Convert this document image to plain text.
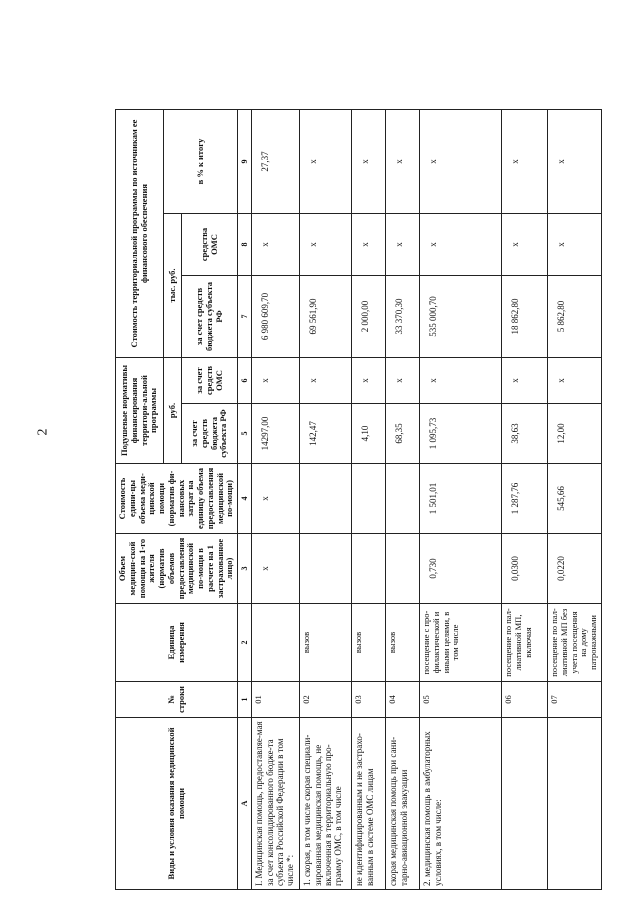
2
Виды и условия оказания медицинской помощи	№ строки	Единица измерения	Объем медицин-ской помощи на 1-го жителя (норматив объемов предоставления медицинской по-мощи в расчете на 1 застрахованное лицо)	Стоимость едини-цы объема меди-цинской помощи (норматив фи-нансовых затрат на единицу объема предоставления медицинской по-мощи)	Подушевые нормативы финансирования территори-альной программы		Стоимость территориальной программы по источникам ее финансового обеспечения		
					руб.		тыс. руб.		в % к итогу
					за счет средств бюджета субъекта РФ	за счет средств ОМС	за счет средств бюджета субъекта РФ	средства ОМС	
А	1	2	3	4	5	6	7	8	9
I. Медицинская помощь, предоставляе-мая за счет консолидированного бюдже-та субъекта Российской Федерации в том числе *:	01		х	х	14297,00	х	6 980 609,70	х	27,37
1. скорая, в том числе скорая специали-зированная медицинская помощь, не включенная в территориальную про-грамму ОМС, в том числе	02	вызов			142,47	х	69 561,90	х	х
не идентифицированным и не застрахо-ванным в системе ОМС лицам	03	вызов			4,10	х	2 000,00	х	х
скорая медицинская помощь при сани-тарно-авиационной эвакуации	04	вызов			68,35	х	33 370,30	х	х
2. медицинская помощь в амбулаторных условиях, в том числе:	05	посещение с про-филактической и иными целями, в том числе	0,730	1 501,01	1 095,73	х	535 000,70	х	х
	06	посещение по пал-лиативной МП, включая	0,0300	1 287,76	38,63	х	18 862,80	х	х
	07	посещение по пал-лиативной МП без учета посещения на дому патронажными	0,0220	545,66	12,00	х	5 862,80	х	х
